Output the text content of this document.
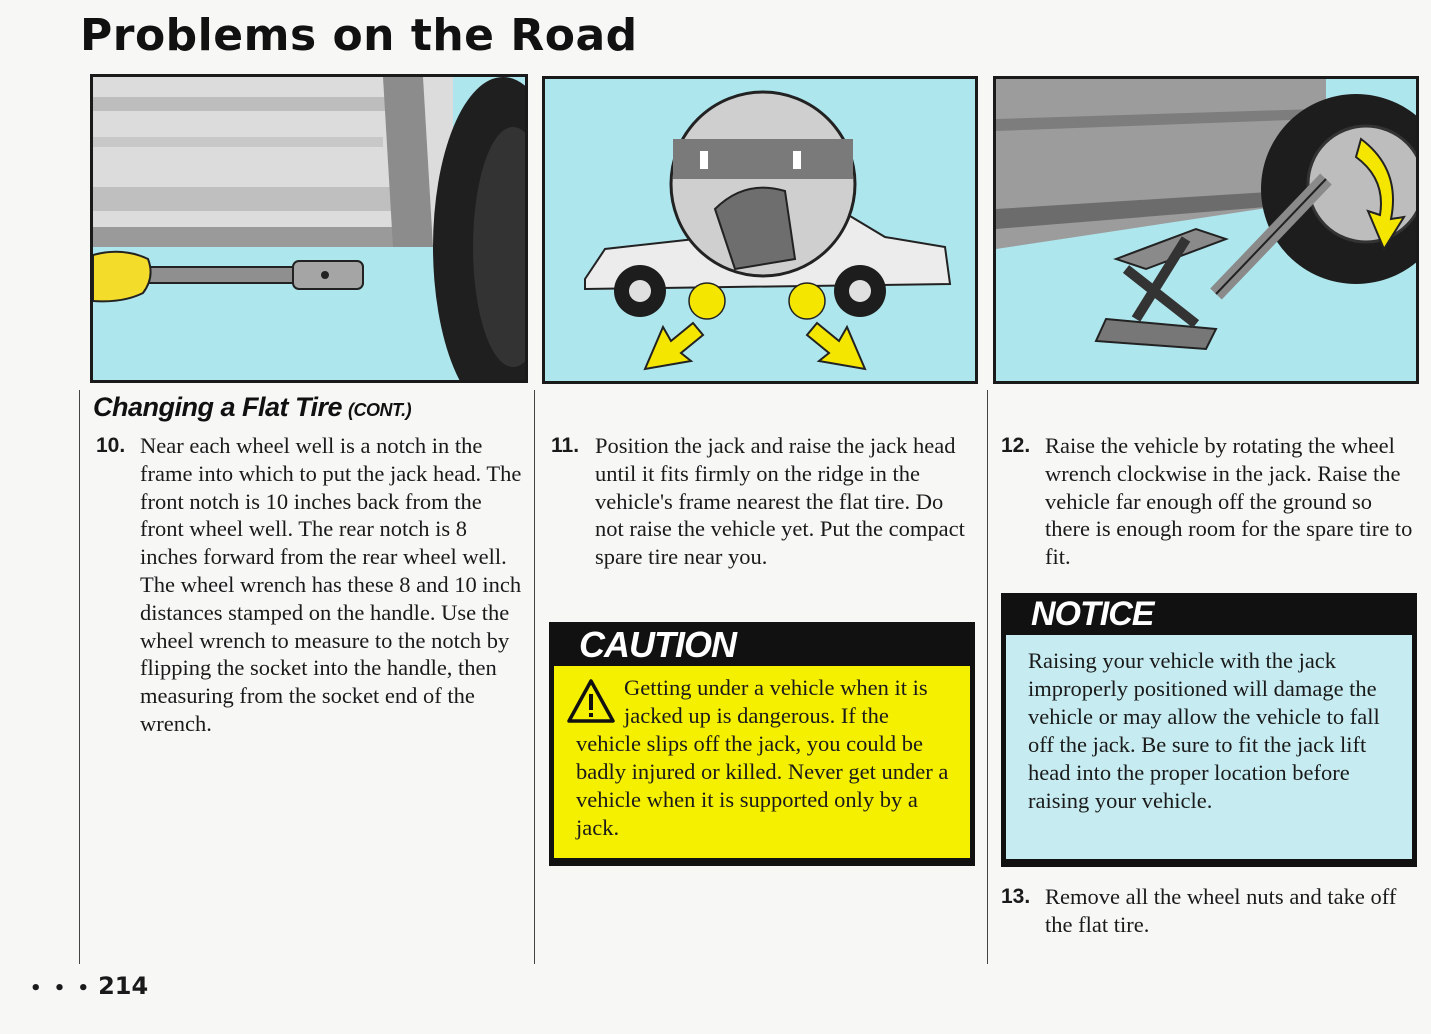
Problems on the Road
Changing a Flat Tire (CONT.)
10. Near each wheel well is a notch in the frame into which to put the jack head. The front notch is 10 inches back from the front wheel well. The rear notch is 8 inches forward from the rear wheel well. The wheel wrench has these 8 and 10 inch distances stamped on the handle. Use the wheel wrench to measure to the notch by flipping the socket into the handle, then measuring from the socket end of the wrench.
11. Position the jack and raise the jack head until it fits firmly on the ridge in the vehicle's frame nearest the flat tire. Do not raise the vehicle yet. Put the compact spare tire near you.
12. Raise the vehicle by rotating the wheel wrench clockwise in the jack. Raise the vehicle far enough off the ground so there is enough room for the spare tire to fit.
CAUTION
Getting under a vehicle when it is jacked up is dangerous. If the vehicle slips off the jack, you could be badly injured or killed. Never get under a vehicle when it is supported only by a jack.
NOTICE
Raising your vehicle with the jack improperly positioned will damage the vehicle or may allow the vehicle to fall off the jack. Be sure to fit the jack lift head into the proper location before raising your vehicle.
13. Remove all the wheel nuts and take off the flat tire.
• • • 214
